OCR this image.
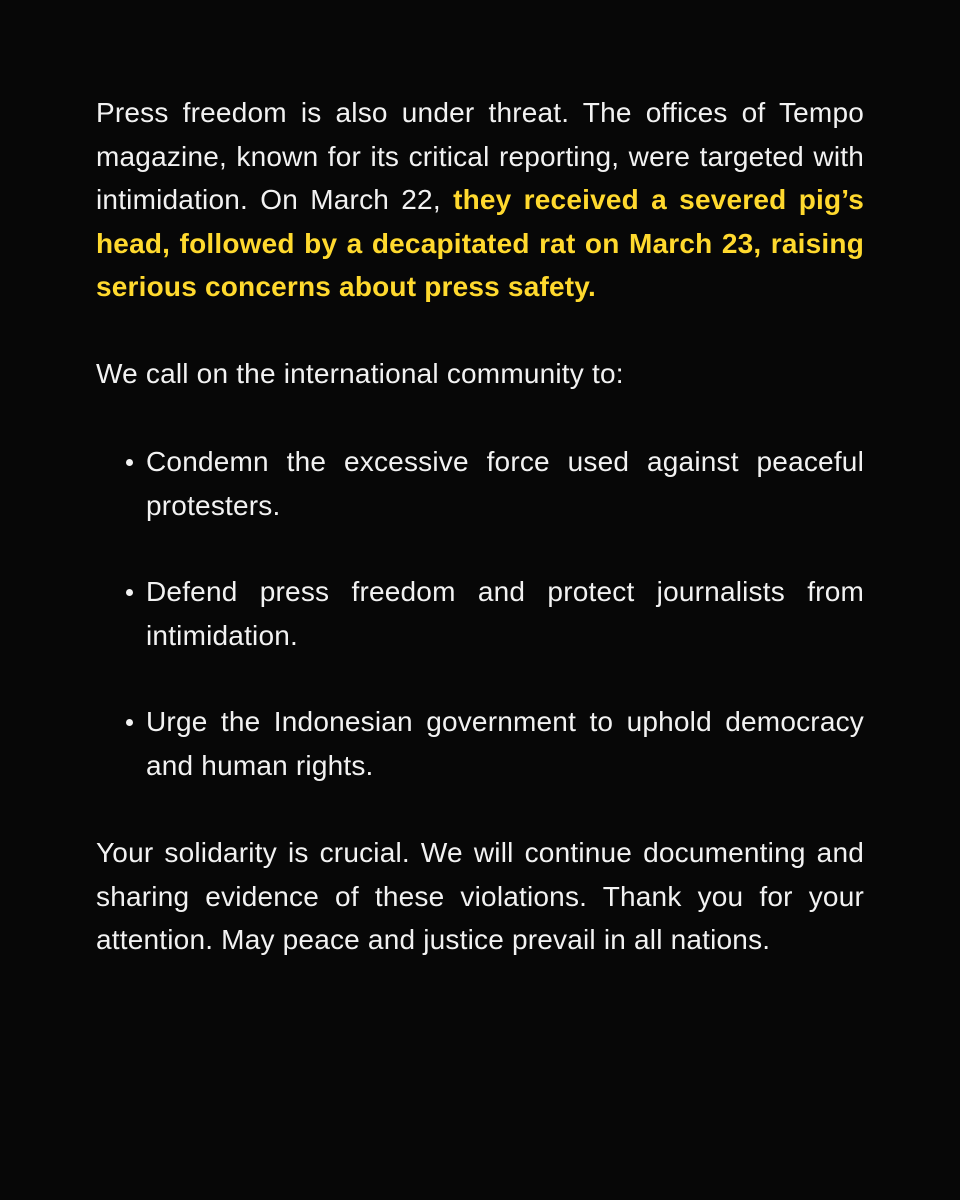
Press freedom is also under threat. The offices of Tempo magazine, known for its critical reporting, were targeted with intimidation. On March 22, they received a severed pig’s head, followed by a decapitated rat on March 23, raising serious concerns about press safety.

We call on the international community to:

Condemn the excessive force used against peaceful protesters.
Defend press freedom and protect journalists from intimidation.
Urge the Indonesian government to uphold democracy and human rights.

Your solidarity is crucial. We will continue documenting and sharing evidence of these violations. Thank you for your attention. May peace and justice prevail in all nations.
